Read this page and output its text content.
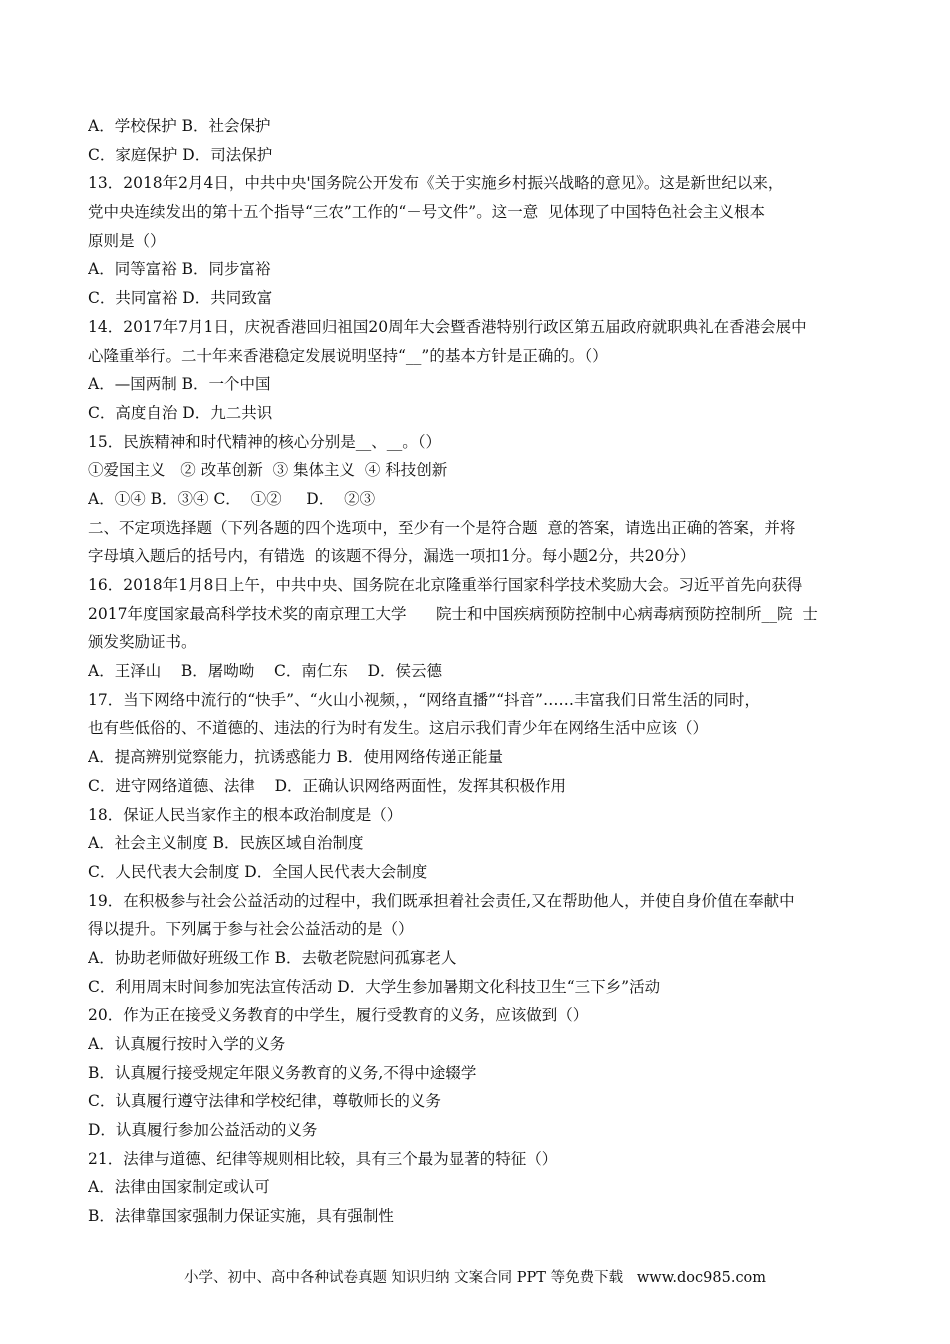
A．学校保护 B．社会保护
C．家庭保护 D．司法保护
13．2018年2月4日，中共中央'国务院公开发布《关于实施乡村振兴战略的意见》。这是新世纪以来，
党中央连续发出的第十五个指导“三农”工作的“－号文件”。这一意  见体现了中国特色社会主义根本
原则是（）
A．同等富裕 B．同步富裕
C．共同富裕 D．共同致富
14．2017年7月1日，庆祝香港回归祖国20周年大会暨香港特别行政区第五届政府就职典礼在香港会展中
心隆重举行。二十年来香港稳定发展说明坚持“__”的基本方针是正确的。（）
A．—国两制 B．一个中国
C．高度自治 D．九二共识
15．民族精神和时代精神的核心分别是__、__。（）
①爱国主义   ② 改革创新  ③ 集体主义  ④ 科技创新
A．①④ B．③④ C．  ①②     D．  ②③
二、不定项选择题（下列各题的四个选项中，至少有一个是符合题  意的答案，请选出正确的答案，并将
字母填入题后的括号内，有错选  的该题不得分，漏选一项扣1分。每小题2分，共20分）
16．2018年1月8日上午，中共中央、国务院在北京隆重举行国家科学技术奖励大会。习近平首先向获得
2017年度国家最高科学技术奖的南京理工大学      院士和中国疾病预防控制中心病毒病预防控制所__院  士
颁发奖励证书。
A．王泽山    B．屠呦呦    C．南仁东    D．侯云德
17．当下网络中流行的“快手”、“火山小视频，，“网络直播”“抖音”……丰富我们日常生活的同时，
也有些低俗的、不道德的、违法的行为时有发生。这启示我们青少年在网络生活中应该（）
A．提高辨别觉察能力，抗诱惑能力 B．使用网络传递正能量
C．进守网络道德、法律    D．正确认识网络两面性，发挥其积极作用
18．保证人民当家作主的根本政治制度是（）
A．社会主义制度 B．民族区域自治制度
C．人民代表大会制度 D．全国人民代表大会制度
19．在积极参与社会公益活动的过程中，我们既承担着社会责任,又在帮助他人，并使自身价值在奉献中
得以提升。下列属于参与社会公益活动的是（）
A．协助老师做好班级工作 B．去敬老院慰问孤寡老人
C．利用周末时间参加宪法宣传活动 D．大学生参加暑期文化科技卫生“三下乡”活动
20．作为正在接受义务教育的中学生，履行受教育的义务，应该做到（）
A．认真履行按时入学的义务
B．认真履行接受规定年限义务教育的义务,不得中途辍学
C．认真履行遵守法律和学校纪律，尊敬师长的义务
D．认真履行参加公益活动的义务
21．法律与道德、纪律等规则相比较，具有三个最为显著的特征（）
A．法律由国家制定或认可
B．法律靠国家强制力保证实施，具有强制性
小学、初中、高中各种试卷真题 知识归纳 文案合同 PPT 等免费下载   www.doc985.com
